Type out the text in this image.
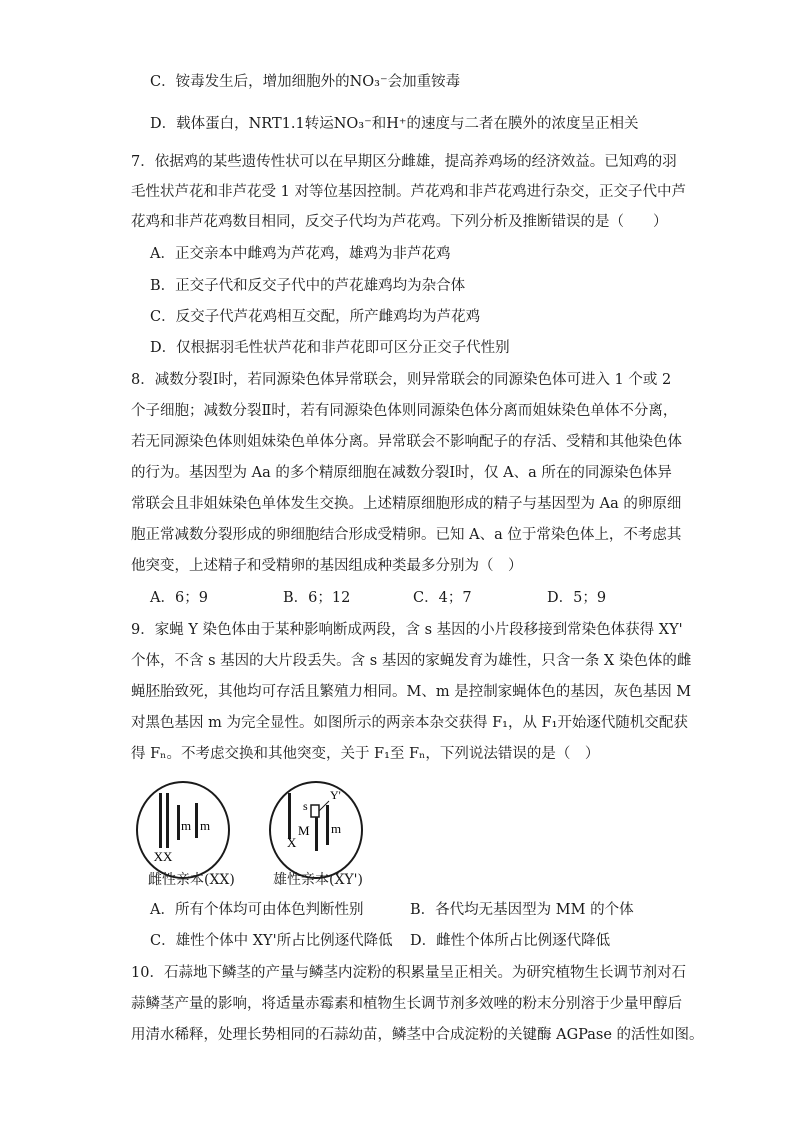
C．铵毒发生后，增加细胞外的NO₃⁻会加重铵毒
D．载体蛋白，NRT1.1转运NO₃⁻和H⁺的速度与二者在膜外的浓度呈正相关
7．依据鸡的某些遗传性状可以在早期区分雌雄，提高养鸡场的经济效益。已知鸡的羽
毛性状芦花和非芦花受 1 对等位基因控制。芦花鸡和非芦花鸡进行杂交，正交子代中芦
花鸡和非芦花鸡数目相同，反交子代均为芦花鸡。下列分析及推断错误的是（　　）
A．正交亲本中雌鸡为芦花鸡，雄鸡为非芦花鸡
B．正交子代和反交子代中的芦花雄鸡均为杂合体
C．反交子代芦花鸡相互交配，所产雌鸡均为芦花鸡
D．仅根据羽毛性状芦花和非芦花即可区分正交子代性别
8．减数分裂Ⅰ时，若同源染色体异常联会，则异常联会的同源染色体可进入 1 个或 2
个子细胞；减数分裂Ⅱ时，若有同源染色体则同源染色体分离而姐妹染色单体不分离，
若无同源染色体则姐妹染色单体分离。异常联会不影响配子的存活、受精和其他染色体
的行为。基因型为 Aa 的多个精原细胞在减数分裂Ⅰ时，仅 A、a 所在的同源染色体异
常联会且非姐妹染色单体发生交换。上述精原细胞形成的精子与基因型为 Aa 的卵原细
胞正常减数分裂形成的卵细胞结合形成受精卵。已知 A、a 位于常染色体上，不考虑其
他突变，上述精子和受精卵的基因组成种类最多分别为（　）
A．6；9	B．6；12	C．4；7	D．5；9
9．家蝇 Y 染色体由于某种影响断成两段，含 s 基因的小片段移接到常染色体获得 XY'
个体，不含 s 基因的大片段丢失。含 s 基因的家蝇发育为雄性，只含一条 X 染色体的雌
蝇胚胎致死，其他均可存活且繁殖力相同。M、m 是控制家蝇体色的基因，灰色基因 M
对黑色基因 m 为完全显性。如图所示的两亲本杂交获得 F₁，从 F₁开始逐代随机交配获
得 Fₙ。不考虑交换和其他突变，关于 F₁至 Fₙ，下列说法错误的是（　）
XX
m m
X
s
Y'
M m
雌性亲本(XX)	雄性亲本(XY')
A．所有个体均可由体色判断性别	B．各代均无基因型为 MM 的个体
C．雄性个体中 XY'所占比例逐代降低 D．雌性个体所占比例逐代降低
10．石蒜地下鳞茎的产量与鳞茎内淀粉的积累量呈正相关。为研究植物生长调节剂对石
蒜鳞茎产量的影响，将适量赤霉素和植物生长调节剂多效唑的粉末分别溶于少量甲醇后
用清水稀释，处理长势相同的石蒜幼苗，鳞茎中合成淀粉的关键酶 AGPase 的活性如图。
